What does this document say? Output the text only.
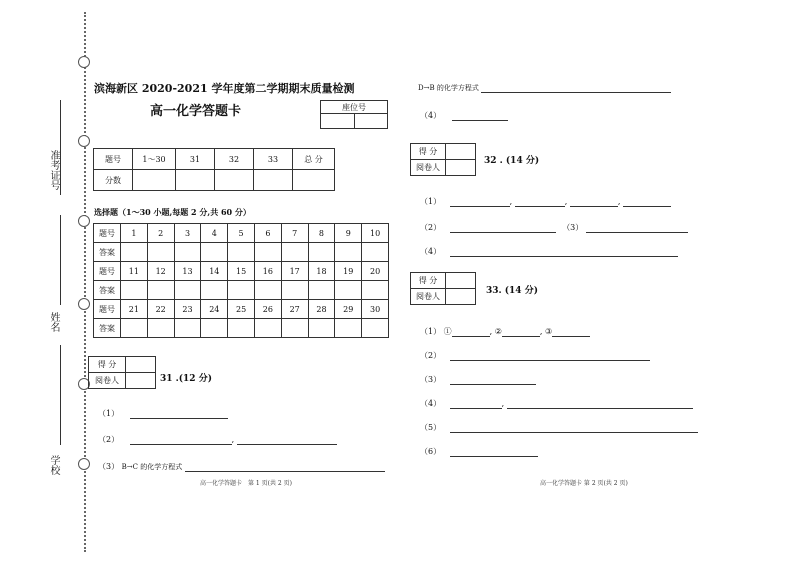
准考证号
姓名
学校
滨海新区 2020-2021 学年度第二学期期末质量检测
高一化学答题卡	座位号

题号	1～30	31	32	33	总 分
分数					
选择题（1～30 小题,每题 2 分,共 60 分）
题号	1	2	3	4	5	6	7	8	9	10
答案										
题号	11	12	13	14	15	16	17	18	19	20
答案										
题号	21	22	23	24	25	26	27	28	29	30
答案										
得 分	
阅卷人		31 .(12 分)
（1）
（2）	,
（3） B→C 的化学方程式
高一化学答题卡　第 1 页(共 2 页)
D→B 的化学方程式
（4）
得 分	
阅卷人	
32 . (14 分)
（1）	,	,	,
（2）	（3）
（4）
得 分	
阅卷人	
33. (14 分)
（1） ①	, ②	, ③
（2）
（3）
（4）	,
（5）
（6）
高一化学答题卡 第 2 页(共 2 页)
